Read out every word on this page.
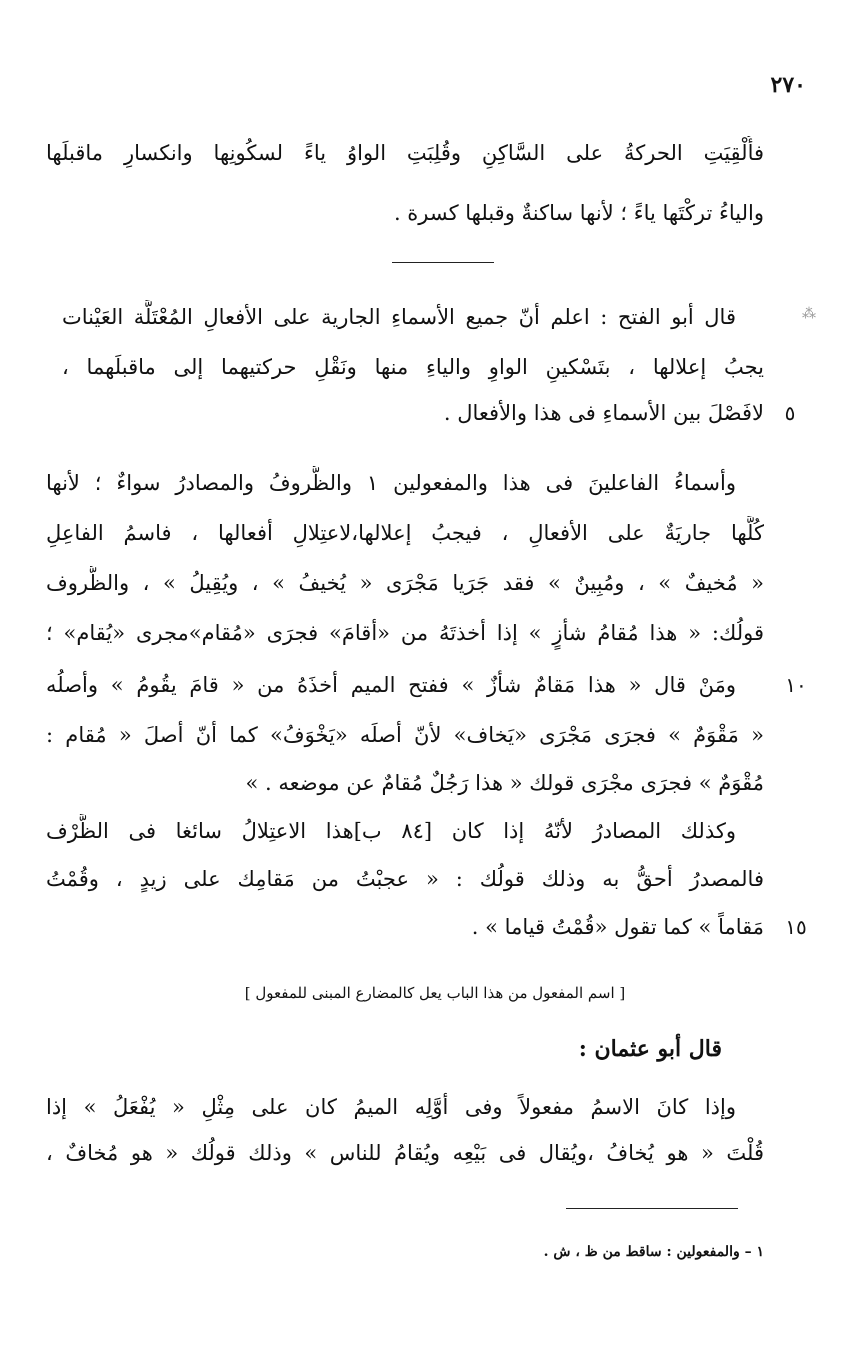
٢٧٠
فأُلْقِيَتِ الحركةُ على السَّاكِنِ وقُلِبَتِ الواوُ ياءً لسكُونِها وانكسارِ ماقبلَها
والياءُ تركْتَها ياءً ؛ لأنها ساكنةٌ وقبلها كسرة .
⁂
قال أبو الفتح : اعلم أنّ جميع الأسماءِ الجارية على الأفعالِ المُعْتَلَّة العَيْنات
يجبُ إعلالها ، بتَسْكينِ الواوِ والياءِ منها ونَقْلِ حركتيهما إلى ماقبلَهما ،
لافَصْلَ بين الأسماءِ فى هذا والأفعال .	٥
وأسماءُ الفاعلينَ فى هذا والمفعولين ١ والظُّروفُ والمصادرُ سواءٌ ؛ لأنها
كُلَّها جاريَةٌ على الأفعالِ ، فيجبُ إعلالها،لاعتِلالِ أفعالها ، فاسمُ الفاعِلِ
« مُخيفٌ » ، ومُبِينٌ » فقد جَرَيا مَجْرَى « يُخيفُ » ، ويُقِيلُ » ، والظُّروف
قولُك: « هذا مُقامُ شأزٍ » إذا أخذتَهُ من «أقامَ» فجرَى «مُقام»مجرى «يُقام» ؛
ومَنْ قال « هذا مَقامٌ شأزٌ » ففتح الميم أخذَهُ من « قامَ يقُومُ » وأصلُه	١٠
« مَقْوَمٌ » فجرَى مَجْرَى «يَخاف» لأنّ أصلَه «يَخْوَفُ» كما أنّ أصلَ « مُقام :
مُقْوَمٌ » فجرَى مجْرَى قولك « هذا رَجُلٌ مُقامٌ عن موضعه . »
وكذلك المصادرُ لأنّهُ إذا كان [٨٤ ب]هذا الاعتِلالُ سائغا فى الظَّرْف
فالمصدرُ أحقُّ به وذلك قولُك : « عجبْتُ من مَقامِك على زيدٍ ، وقُمْتُ
مَقاماً » كما تقول «قُمْتُ قياما » .	١٥
[ اسم المفعول من هذا الباب يعل كالمضارع المبنى للمفعول ]
قال أبو عثمان :
وإذا كانَ الاسمُ مفعولاً وفى أوَّلِه الميمُ كان على مِثْلِ « يُفْعَلُ » إذا
قُلْتَ « هو يُخافُ ،ويُقال فى بَيْعِه ويُقامُ للناس » وذلك قولُك « هو مُخافٌ ،
١ – والمفعولين : ساقط من ظ ، ش .
